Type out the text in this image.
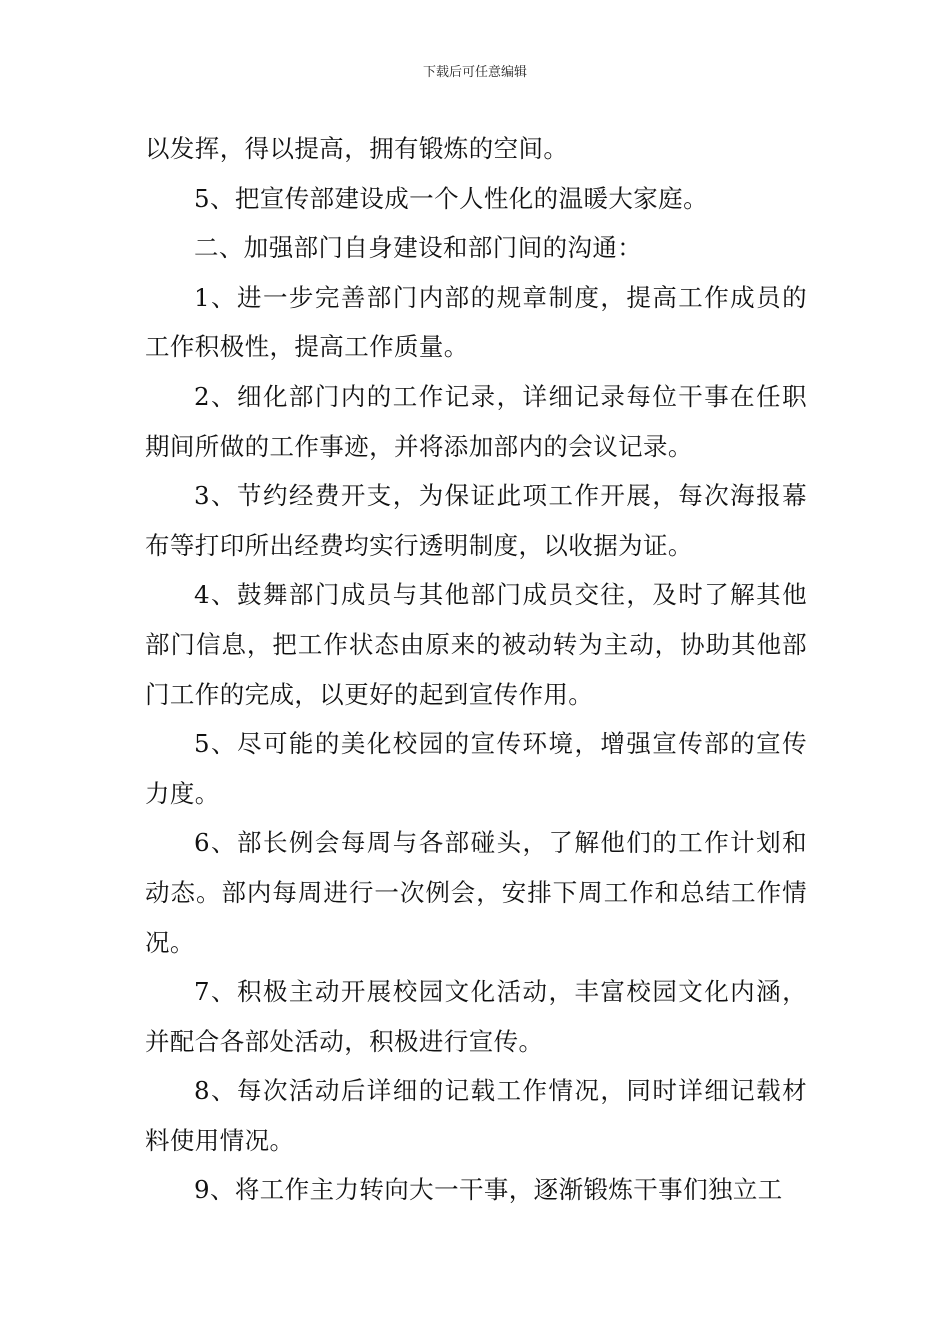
下载后可任意编辑

以发挥，得以提高，拥有锻炼的空间。

5、把宣传部建设成一个人性化的温暖大家庭。

二、加强部门自身建设和部门间的沟通：

1、进一步完善部门内部的规章制度，提高工作成员的工作积极性，提高工作质量。

2、细化部门内的工作记录，详细记录每位干事在任职期间所做的工作事迹，并将添加部内的会议记录。

3、节约经费开支，为保证此项工作开展，每次海报幕布等打印所出经费均实行透明制度，以收据为证。

4、鼓舞部门成员与其他部门成员交往，及时了解其他部门信息，把工作状态由原来的被动转为主动，协助其他部门工作的完成，以更好的起到宣传作用。

5、尽可能的美化校园的宣传环境，增强宣传部的宣传力度。

6、部长例会每周与各部碰头，了解他们的工作计划和动态。部内每周进行一次例会，安排下周工作和总结工作情况。

7、积极主动开展校园文化活动，丰富校园文化内涵，并配合各部处活动，积极进行宣传。

8、每次活动后详细的记载工作情况，同时详细记载材料使用情况。

9、将工作主力转向大一干事，逐渐锻炼干事们独立工
